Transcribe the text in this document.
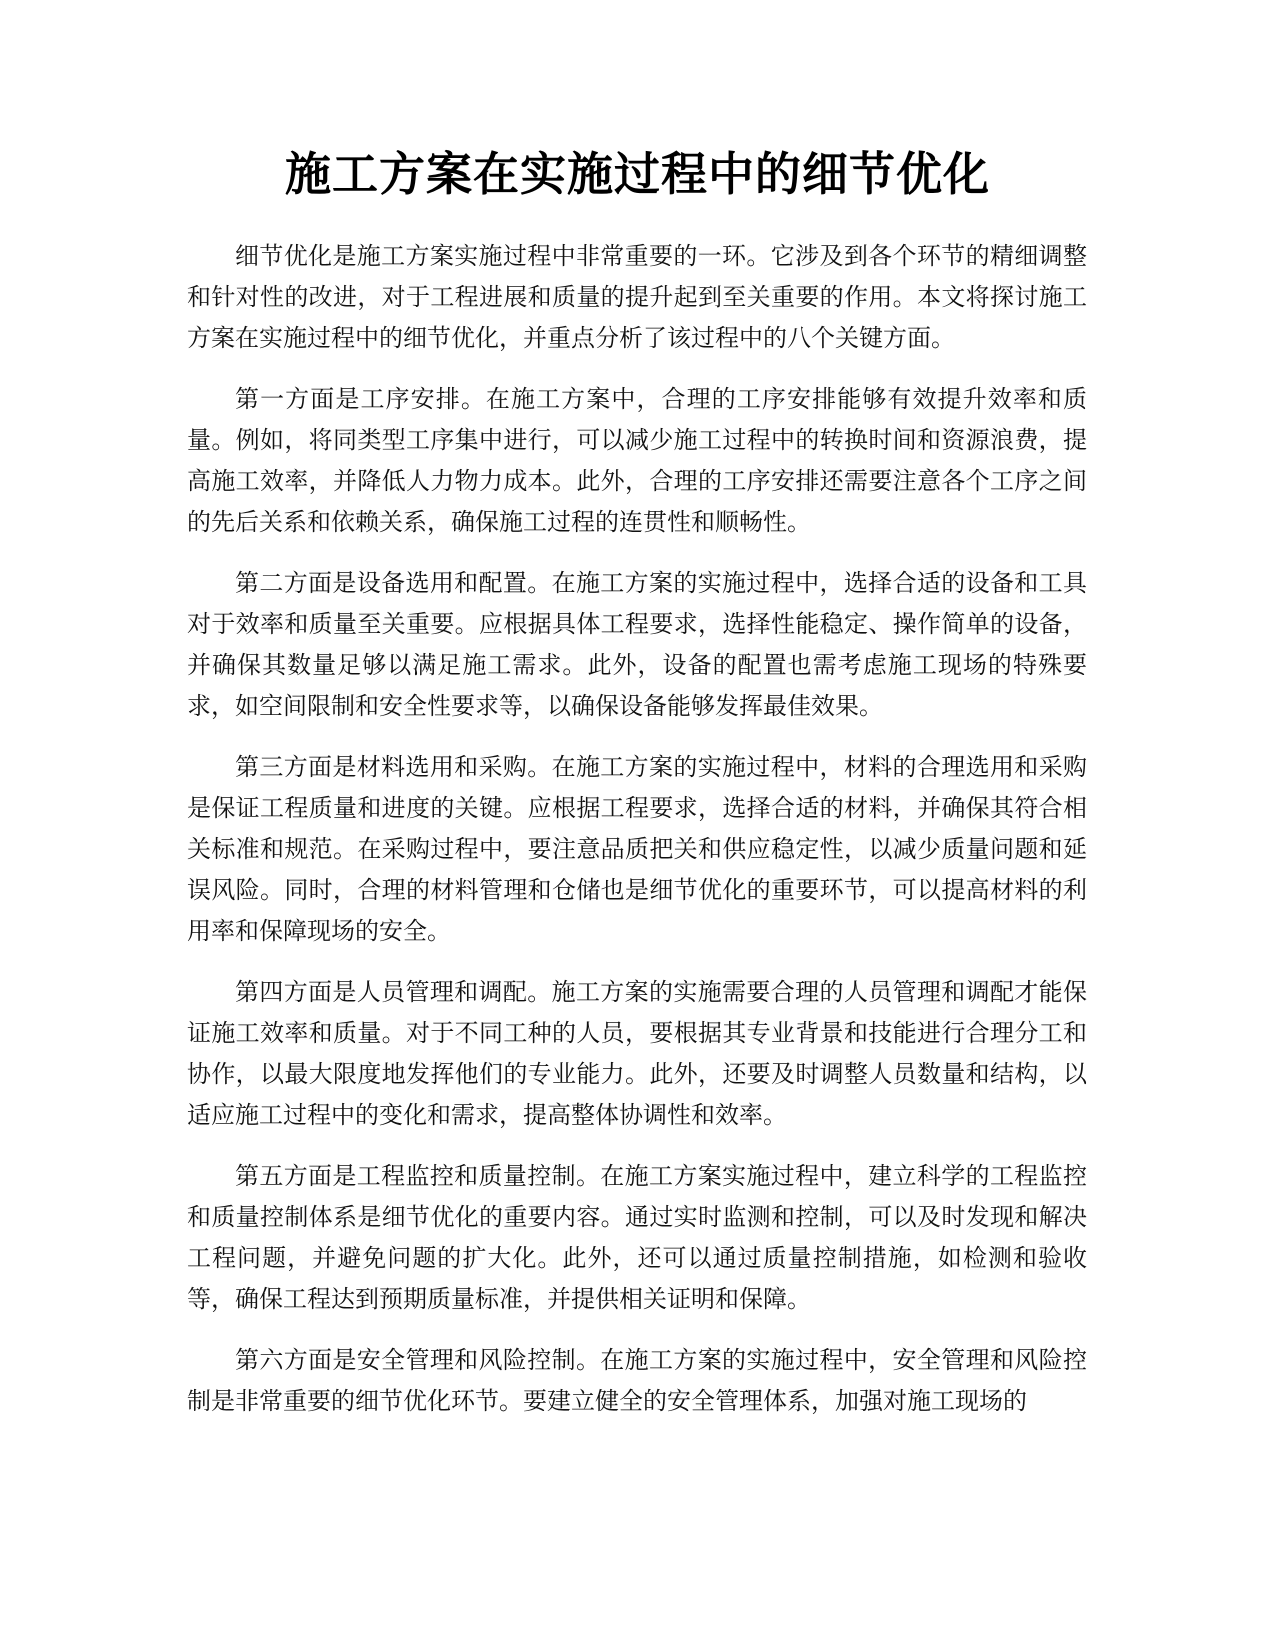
施工方案在实施过程中的细节优化

细节优化是施工方案实施过程中非常重要的一环。它涉及到各个环节的精细调整和针对性的改进，对于工程进展和质量的提升起到至关重要的作用。本文将探讨施工方案在实施过程中的细节优化，并重点分析了该过程中的八个关键方面。

第一方面是工序安排。在施工方案中，合理的工序安排能够有效提升效率和质量。例如，将同类型工序集中进行，可以减少施工过程中的转换时间和资源浪费，提高施工效率，并降低人力物力成本。此外，合理的工序安排还需要注意各个工序之间的先后关系和依赖关系，确保施工过程的连贯性和顺畅性。

第二方面是设备选用和配置。在施工方案的实施过程中，选择合适的设备和工具对于效率和质量至关重要。应根据具体工程要求，选择性能稳定、操作简单的设备，并确保其数量足够以满足施工需求。此外，设备的配置也需考虑施工现场的特殊要求，如空间限制和安全性要求等，以确保设备能够发挥最佳效果。

第三方面是材料选用和采购。在施工方案的实施过程中，材料的合理选用和采购是保证工程质量和进度的关键。应根据工程要求，选择合适的材料，并确保其符合相关标准和规范。在采购过程中，要注意品质把关和供应稳定性，以减少质量问题和延误风险。同时，合理的材料管理和仓储也是细节优化的重要环节，可以提高材料的利用率和保障现场的安全。

第四方面是人员管理和调配。施工方案的实施需要合理的人员管理和调配才能保证施工效率和质量。对于不同工种的人员，要根据其专业背景和技能进行合理分工和协作，以最大限度地发挥他们的专业能力。此外，还要及时调整人员数量和结构，以适应施工过程中的变化和需求，提高整体协调性和效率。

第五方面是工程监控和质量控制。在施工方案实施过程中，建立科学的工程监控和质量控制体系是细节优化的重要内容。通过实时监测和控制，可以及时发现和解决工程问题，并避免问题的扩大化。此外，还可以通过质量控制措施，如检测和验收等，确保工程达到预期质量标准，并提供相关证明和保障。

第六方面是安全管理和风险控制。在施工方案的实施过程中，安全管理和风险控制是非常重要的细节优化环节。要建立健全的安全管理体系，加强对施工现场的
